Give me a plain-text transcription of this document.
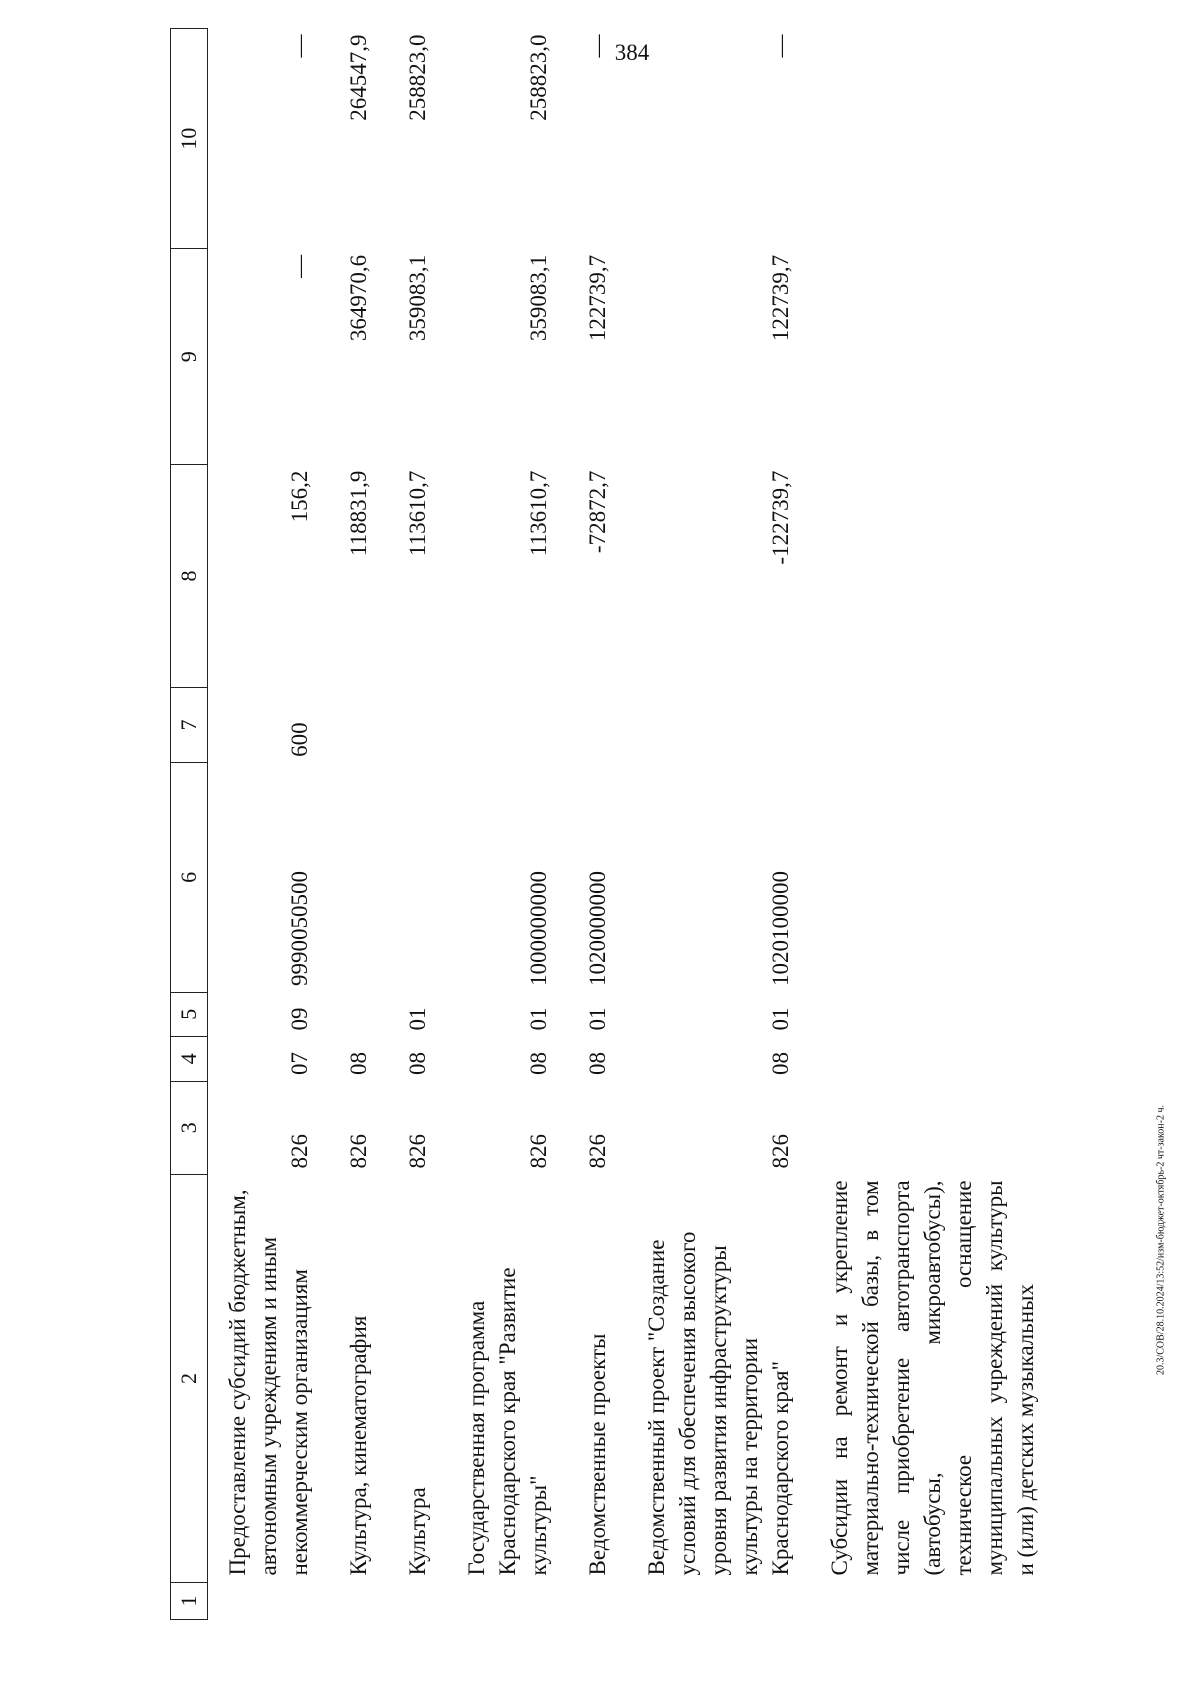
384
20.3/СОВ/28.10.2024/13:52/изм-бюджет-октябрь-2 чт-закон-2 ч.
1
2	3	4	5	6	7	8	9	10
Предоставление субсидий бюджетным, автономным учреждениям и иным некоммерческим организациям	826	07	09	9990050500	600	156,2	—	—
Культура, кинематография	826	08				118831,9	364970,6	264547,9
Культура	826	08	01			113610,7	359083,1	258823,0
Государственная программа Краснодарского края "Развитие культуры"	826	08	01	1000000000		113610,7	359083,1	258823,0
Ведомственные проекты	826	08	01	1020000000		-72872,7	122739,7	—
Ведомственный проект "Создание условий для обеспечения высокого уровня развития инфраструктуры культуры на территории Краснодарского края"	826	08	01	1020100000		-122739,7	122739,7	—
Субсидии на ремонт и укрепление материально-технической базы, в том числе приобретение автотранспорта (автобусы, микроавтобусы), техническое оснащение муниципальных учреждений культуры и (или) детских музыкальных								
